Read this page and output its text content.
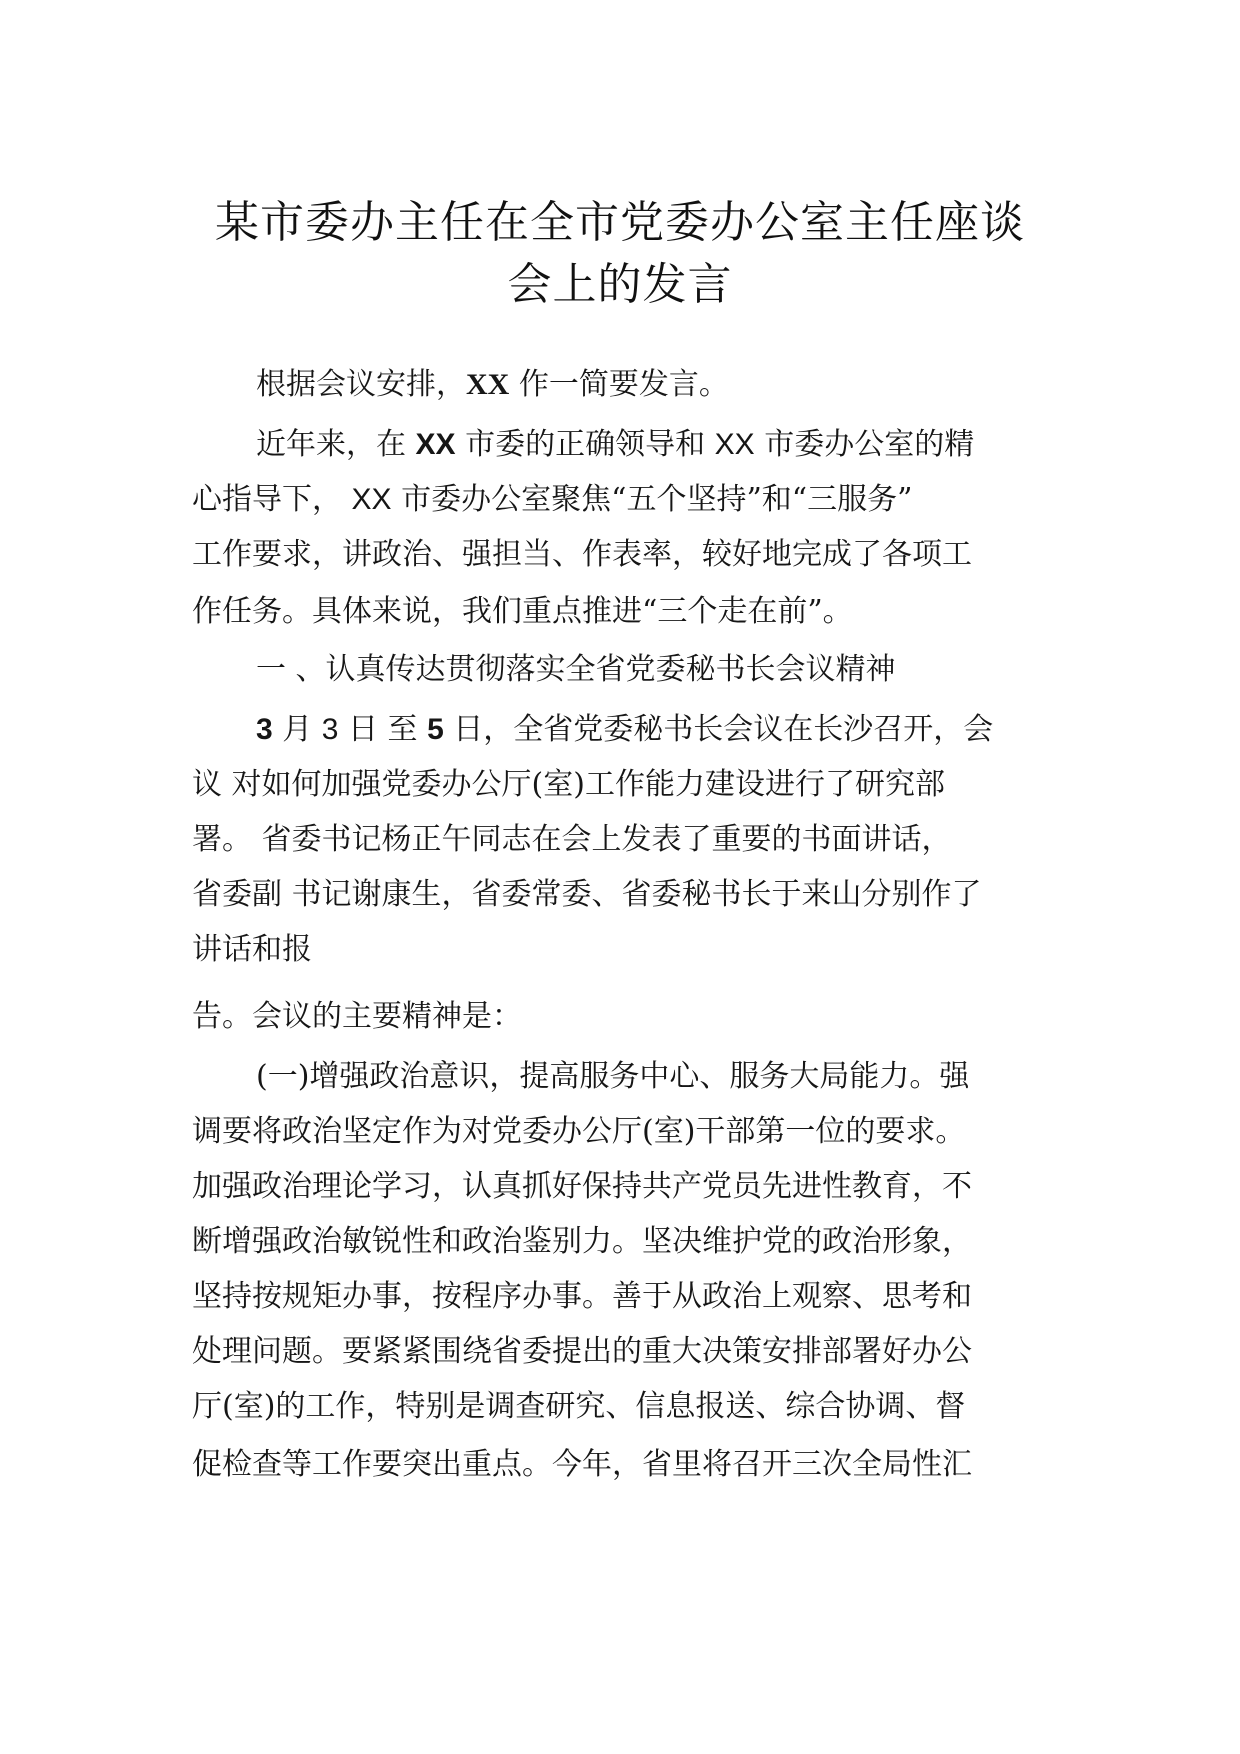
某市委办主任在全市党委办公室主任座谈
会上的发言
根据会议安排，XX 作一简要发言。
近年来，在 XX 市委的正确领导和 XX 市委办公室的精
心指导下， XX 市委办公室聚焦“五个坚持”和“三服务”
工作要求，讲政治、强担当、作表率，较好地完成了各项工
作任务。具体来说，我们重点推进“三个走在前”。
一 、认真传达贯彻落实全省党委秘书长会议精神
3 月 3 日 至 5 日，全省党委秘书长会议在长沙召开，会
议 对如何加强党委办公厅(室)工作能力建设进行了研究部
署。 省委书记杨正午同志在会上发表了重要的书面讲话，
省委副 书记谢康生，省委常委、省委秘书长于来山分别作了
讲话和报
告。会议的主要精神是：
(一)增强政治意识，提高服务中心、服务大局能力。强
调要将政治坚定作为对党委办公厅(室)干部第一位的要求。
加强政治理论学习，认真抓好保持共产党员先进性教育，不
断增强政治敏锐性和政治鉴别力。坚决维护党的政治形象，
坚持按规矩办事，按程序办事。善于从政治上观察、思考和
处理问题。要紧紧围绕省委提出的重大决策安排部署好办公
厅(室)的工作，特别是调查研究、信息报送、综合协调、督
促检查等工作要突出重点。今年，省里将召开三次全局性汇
